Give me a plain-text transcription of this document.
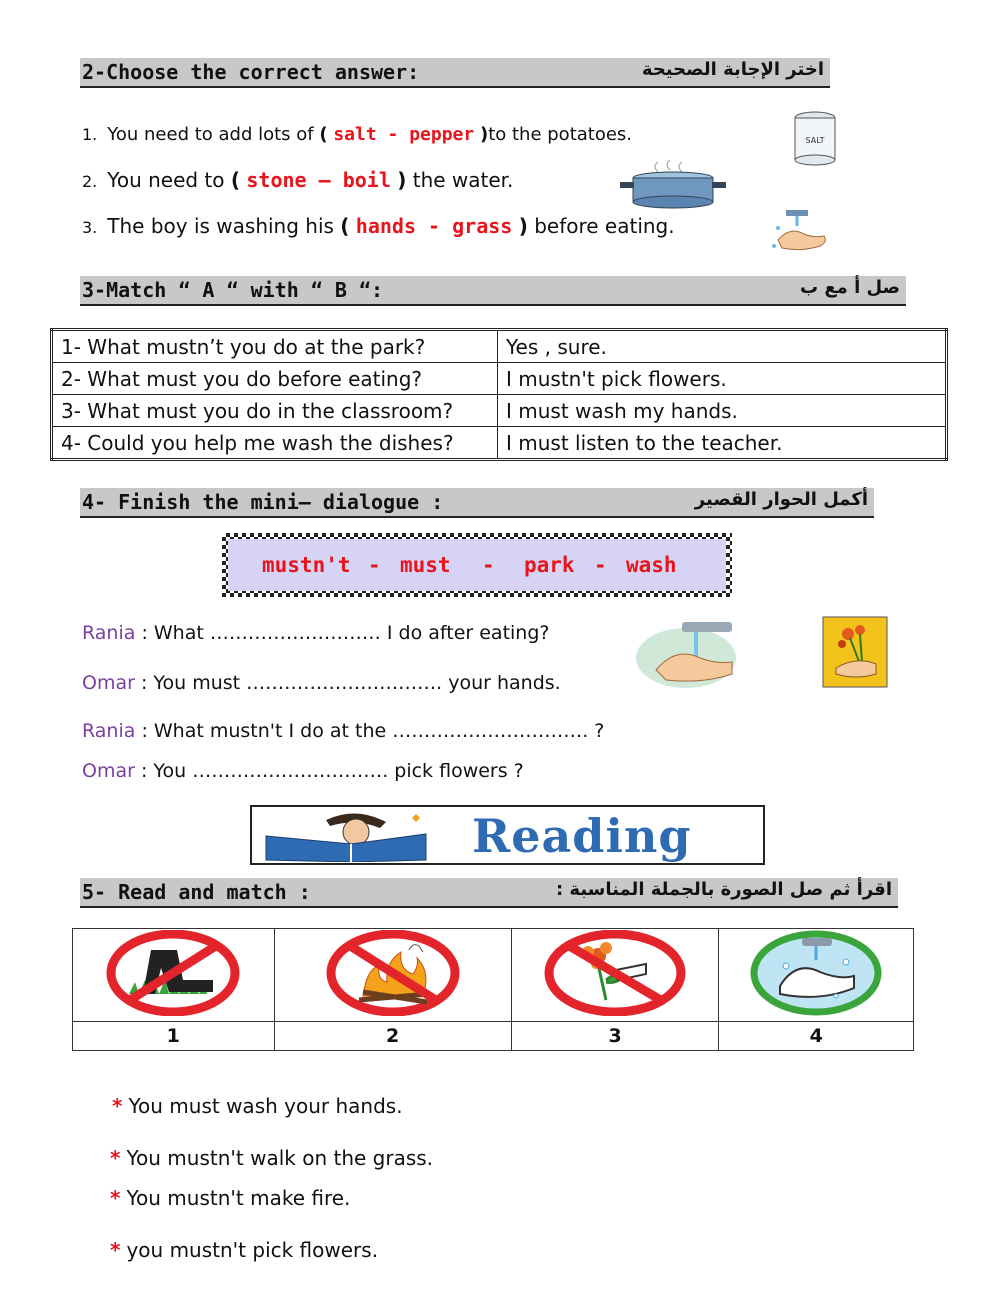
2-Choose the correct answer:	اختر الإجابة الصحيحة
1. You need to add lots of ( salt - pepper )to the potatoes.
2. You need to ( stone – boil ) the water.
3. The boy is washing his ( hands - grass ) before eating.
SALT
3-Match “ A “ with “ B “:	صل أ مع ب
1- What mustn’t you do at the park?	Yes , sure.
2- What must you do before eating?	I mustn't pick flowers.
3- What must you do in the classroom?	I must wash my hands.
4- Could you help me wash the dishes?	I must listen to the teacher.
4- Finish the mini– dialogue :	أكمل الحوار القصير
mustn't - must - park - wash
Rania : What ……………………… I do after eating?
Omar : You must …………………………. your hands.
Rania : What mustn't I do at the …………………………. ?
Omar : You …………………………. pick flowers ?
Reading
5- Read and match :	اقرأ ثم صل الصورة بالجملة المناسبة :

1	2	3	4
* You must wash your hands.
* You mustn't walk on the grass.
* You mustn't make fire.
* you mustn't pick flowers.
